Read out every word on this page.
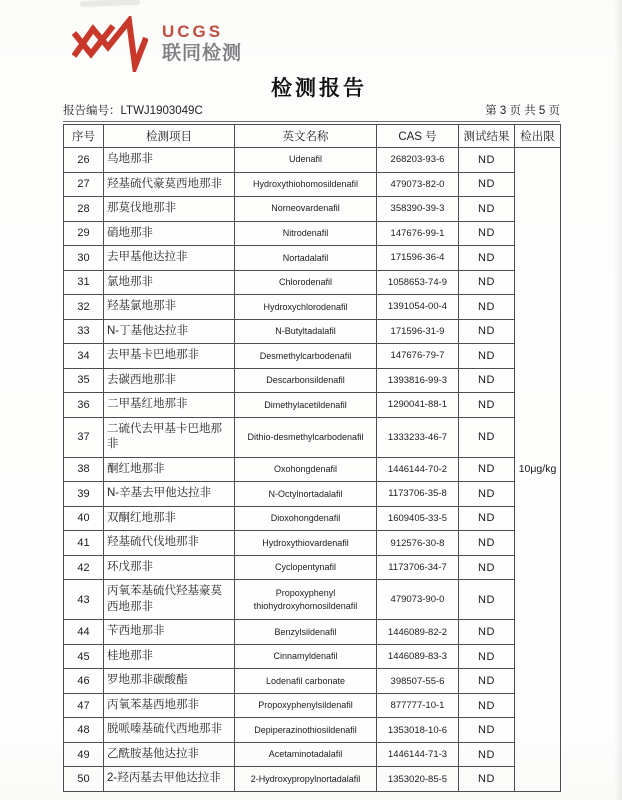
UCGS
联同检测
检测报告
报告编号：LTWJ1903049C	第 3 页 共 5 页
序号	检测项目	英文名称	CAS 号	测试结果	检出限
26	乌地那非	Udenafil	268203-93-6	ND	10μg/kg
27	羟基硫代豪莫西地那非	Hydroxythiohomosildenafil	479073-82-0	ND	
28	那莫伐地那非	Norneovardenafil	358390-39-3	ND	
29	硝地那非	Nitrodenafil	147676-99-1	ND	
30	去甲基他达拉非	Nortadalafil	171596-36-4	ND	
31	氯地那非	Chlorodenafil	1058653-74-9	ND	
32	羟基氯地那非	Hydroxychlorodenafil	1391054-00-4	ND	
33	N-丁基他达拉非	N-Butyltadalafil	171596-31-9	ND	
34	去甲基卡巴地那非	Desmethylcarbodenafil	147676-79-7	ND	
35	去碳西地那非	Descarbonsildenafil	1393816-99-3	ND	
36	二甲基红地那非	Dimethylacetildenafil	1290041-88-1	ND	
37	二硫代去甲基卡巴地那非	Dithio-desmethylcarbodenafil	1333233-46-7	ND	
38	酮红地那非	Oxohongdenafil	1446144-70-2	ND	
39	N-辛基去甲他达拉非	N-Octylnortadalafil	1173706-35-8	ND	
40	双酮红地那非	Dioxohongdenafil	1609405-33-5	ND	
41	羟基硫代伐地那非	Hydroxythiovardenafil	912576-30-8	ND	
42	环戊那非	Cyclopentynafil	1173706-34-7	ND	
43	丙氧苯基硫代羟基豪莫西地那非	Propoxyphenyl thiohydroxyhomosildenafil	479073-90-0	ND	
44	苄西地那非	Benzylsildenafil	1446089-82-2	ND	
45	桂地那非	Cinnamyldenafil	1446089-83-3	ND	
46	罗地那非碳酸酯	Lodenafil carbonate	398507-55-6	ND	
47	丙氧苯基西地那非	Propoxyphenylsildenafil	877777-10-1	ND	
48	脱哌嗪基硫代西地那非	Depiperazinothiosildenafil	1353018-10-6	ND	
49	乙酰胺基他达拉非	Acetaminotadalafil	1446144-71-3	ND	
50	2-羟丙基去甲他达拉非	2-Hydroxypropylnortadalafil	1353020-85-5	ND	
